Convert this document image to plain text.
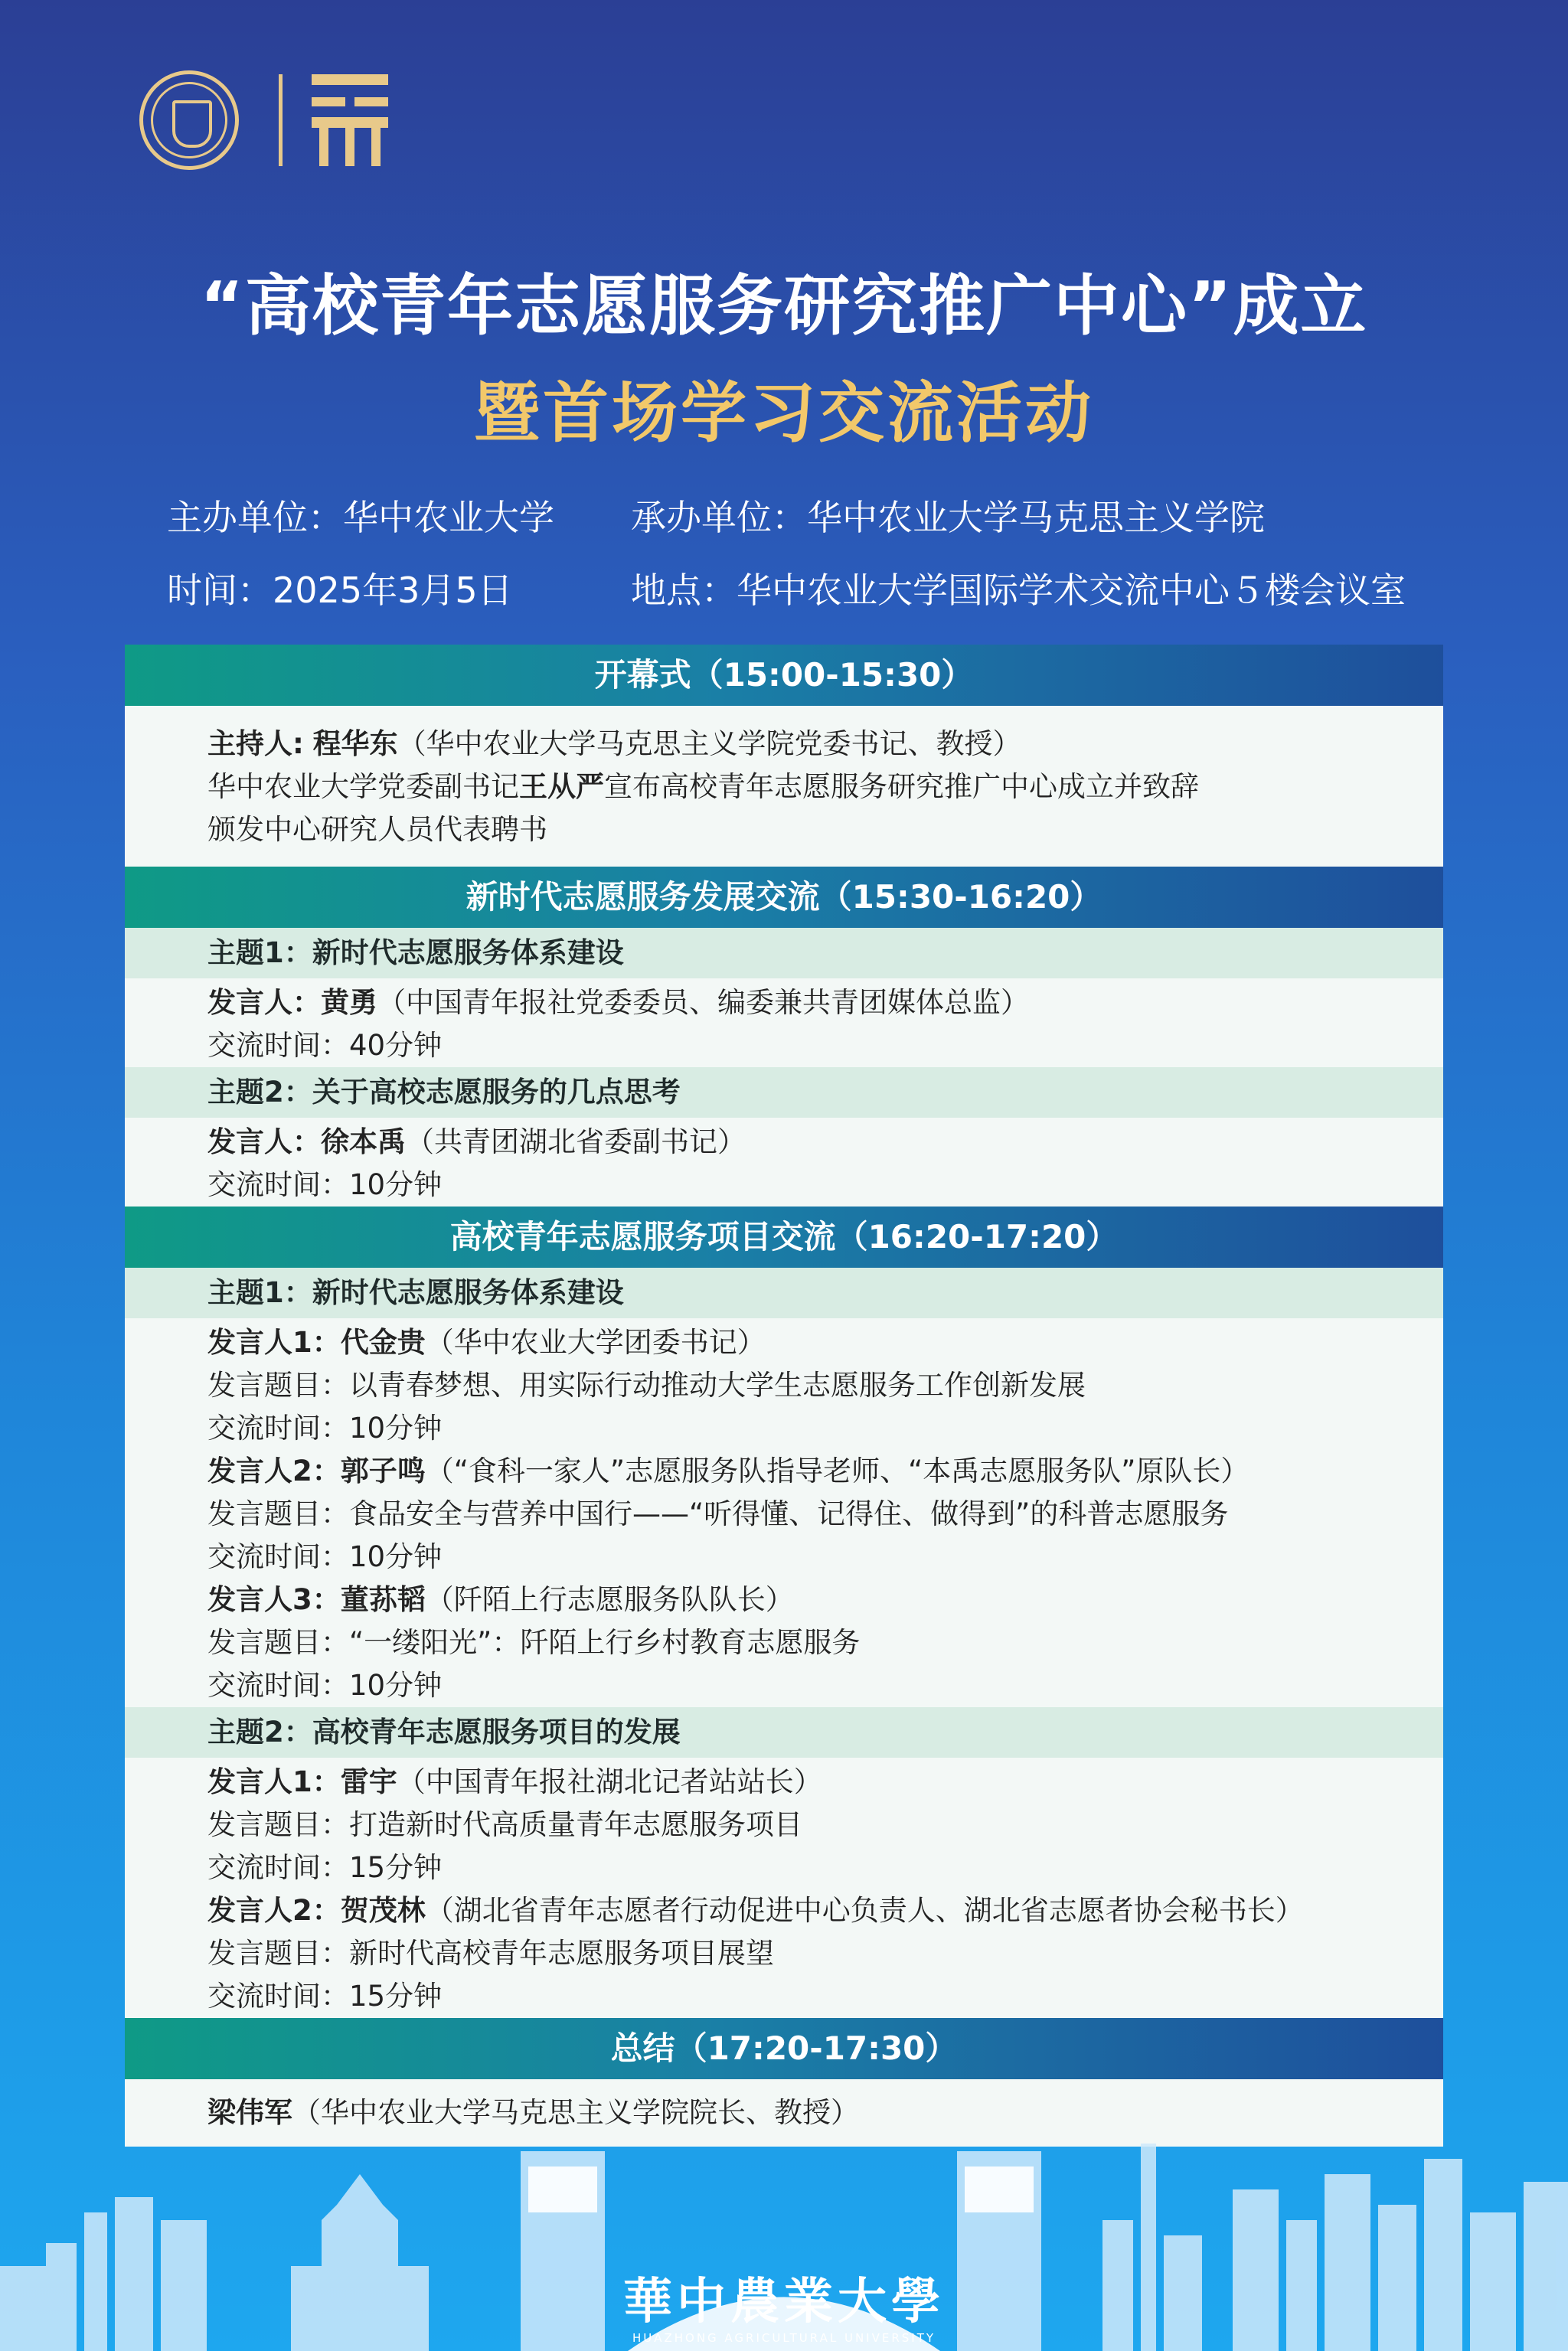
“高校青年志愿服务研究推广中心”成立
暨首场学习交流活动
主办单位：华中农业大学 承办单位：华中农业大学马克思主义学院
时间：2025年3月5日	地点：华中农业大学国际学术交流中心５楼会议室
开幕式（15:00-15:30）
主持人: 程华东（华中农业大学马克思主义学院党委书记、教授）
华中农业大学党委副书记王从严宣布高校青年志愿服务研究推广中心成立并致辞
颁发中心研究人员代表聘书
新时代志愿服务发展交流（15:30-16:20）
主题1：新时代志愿服务体系建设
发言人：黄勇（中国青年报社党委委员、编委兼共青团媒体总监）
交流时间：40分钟
主题2：关于高校志愿服务的几点思考
发言人：徐本禹（共青团湖北省委副书记）
交流时间：10分钟
高校青年志愿服务项目交流（16:20-17:20）
主题1：新时代志愿服务体系建设
发言人1：代金贵（华中农业大学团委书记）
发言题目：以青春梦想、用实际行动推动大学生志愿服务工作创新发展
交流时间：10分钟
发言人2：郭子鸣（“食科一家人”志愿服务队指导老师、“本禹志愿服务队”原队长）
发言题目：食品安全与营养中国行——“听得懂、记得住、做得到”的科普志愿服务
交流时间：10分钟
发言人3：董荪韬（阡陌上行志愿服务队队长）
发言题目：“一缕阳光”：阡陌上行乡村教育志愿服务
交流时间：10分钟
主题2：高校青年志愿服务项目的发展
发言人1：雷宇（中国青年报社湖北记者站站长）
发言题目：打造新时代高质量青年志愿服务项目
交流时间：15分钟
发言人2：贺茂林（湖北省青年志愿者行动促进中心负责人、湖北省志愿者协会秘书长）
发言题目：新时代高校青年志愿服务项目展望
交流时间：15分钟
总结（17:20-17:30）
梁伟军（华中农业大学马克思主义学院院长、教授）
華中農業大學
HUAZHONG AGRICULTURAL UNIVERSITY
